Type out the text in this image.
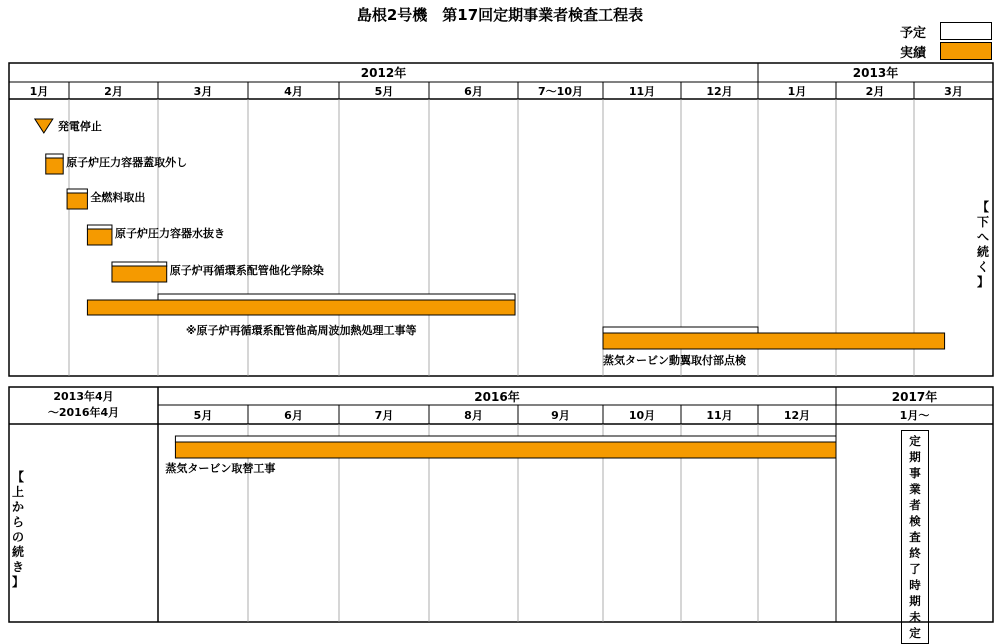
島根2号機　第17回定期事業者検査工程表
予定
実績
2012年	2013年
1月	2月	3月	4月	5月	6月	7～10月	11月	12月	1月	2月	3月
発電停止
原子炉圧力容器蓋取外し
全燃料取出
原子炉圧力容器水抜き
原子炉再循環系配管他化学除染
※原子炉再循環系配管他高周波加熱処理工事等
蒸気タービン動翼取付部点検
2013年4月
～2016年4月
2016年	2017年
5月	6月	7月	8月	9月	10月	11月	12月	1月～
蒸気タービン取替工事
【
下
へ
続
く
】
【
上
か
ら
の
続
き
】
定
期
事
業
者
検
査
終
了
時
期
未
定
